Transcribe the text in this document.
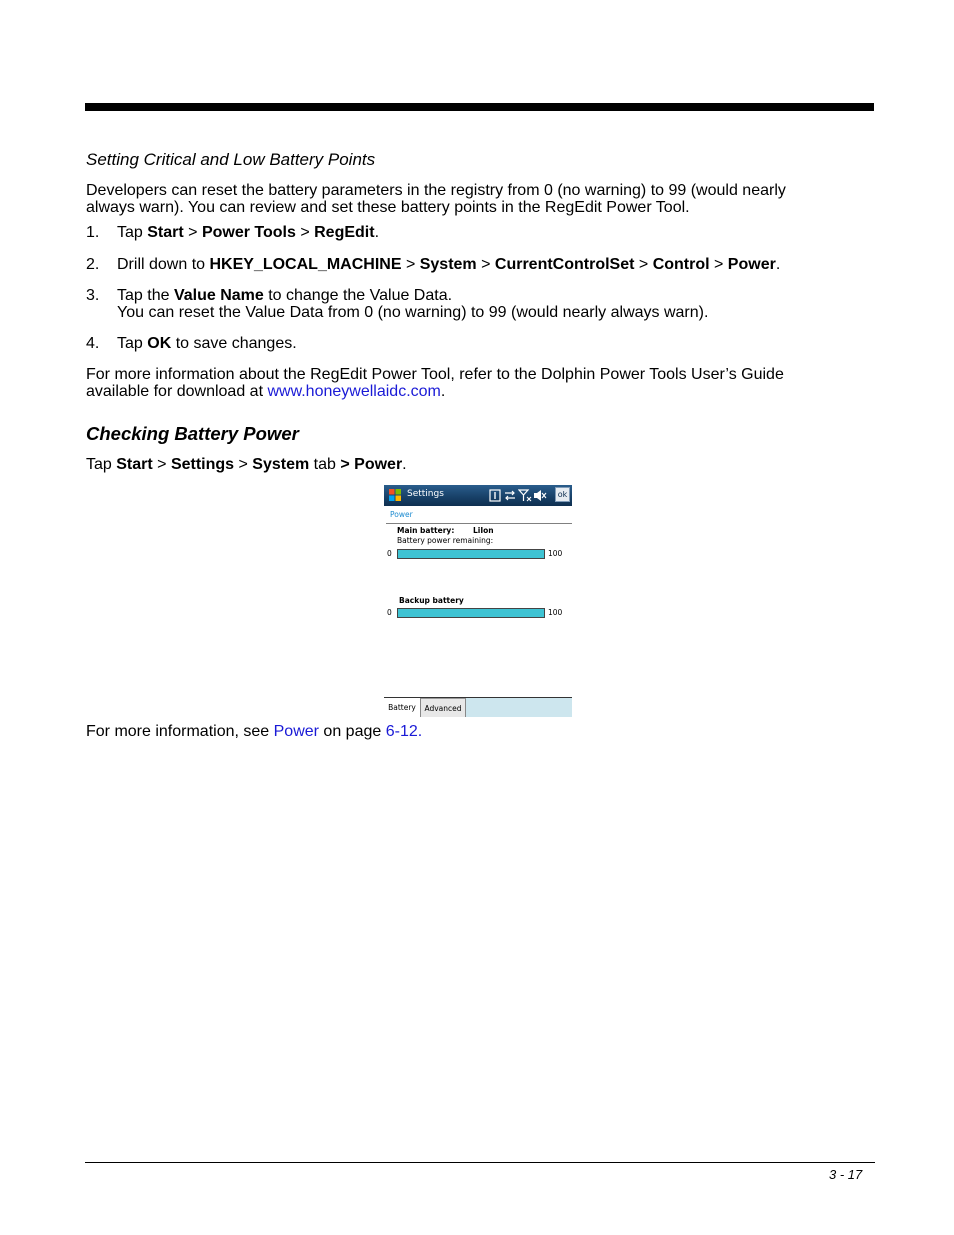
Setting Critical and Low Battery Points
Developers can reset the battery parameters in the registry from 0 (no warning) to 99 (would nearly
always warn). You can review and set these battery points in the RegEdit Power Tool.
1. Tap Start > Power Tools > RegEdit.
2. Drill down to HKEY_LOCAL_MACHINE > System > CurrentControlSet > Control > Power.
3. Tap the Value Name to change the Value Data.
You can reset the Value Data from 0 (no warning) to 99 (would nearly always warn).
4. Tap OK to save changes.
For more information about the RegEdit Power Tool, refer to the Dolphin Power Tools User’s Guide
available for download at www.honeywellaidc.com.
Checking Battery Power
Tap Start > Settings > System tab > Power.
Settings	ok
Power
Main battery: LiIon
Battery power remaining:
0	100
Backup battery
0	100
Battery	Advanced
For more information, see Power on page 6-12.
3 - 17
